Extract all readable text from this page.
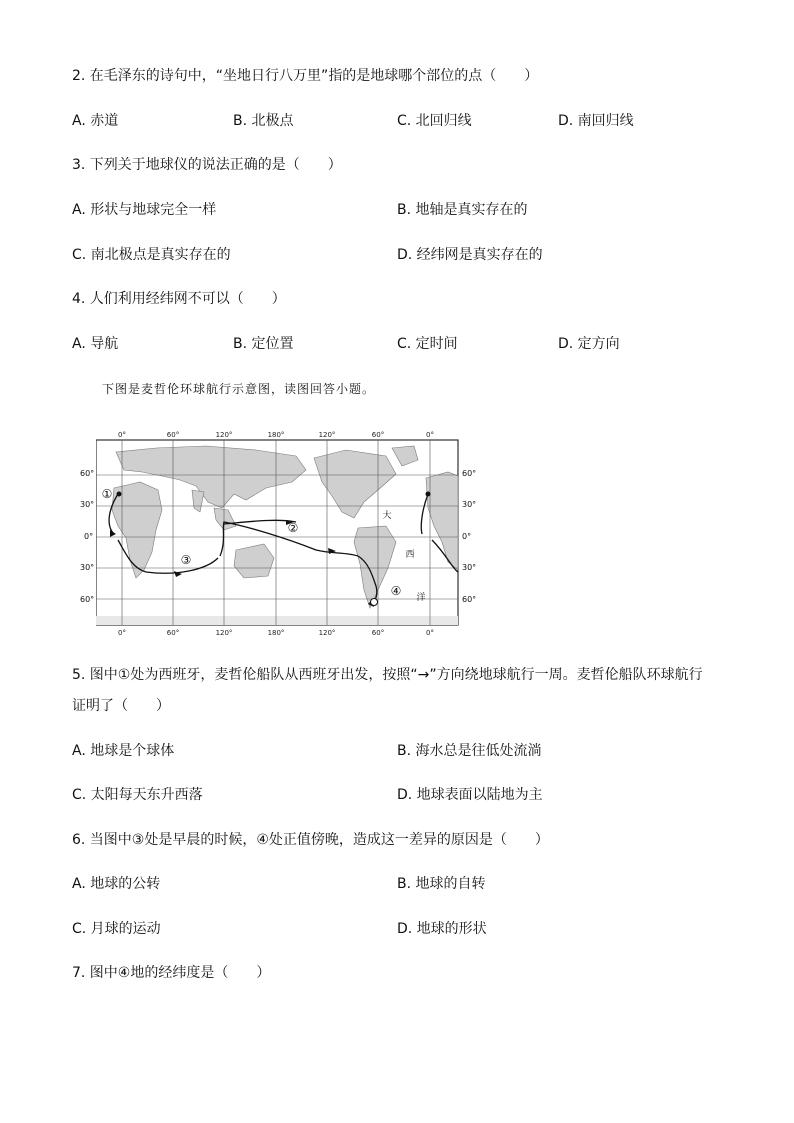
2. 在毛泽东的诗句中，“坐地日行八万里”指的是地球哪个部位的点（　　）
A. 赤道	B. 北极点	C. 北回归线	D. 南回归线
3. 下列关于地球仪的说法正确的是（　　）
A. 形状与地球完全一样	B. 地轴是真实存在的
C. 南北极点是真实存在的	D. 经纬网是真实存在的
4. 人们利用经纬网不可以（　　）
A. 导航	B. 定位置	C. 定时间	D. 定方向
下图是麦哲伦环球航行示意图，读图回答小题。
0°	60°	120°	180°	120°	60°	0°
0°	60°	120°	180°	120°	60°	0°
①
②
③
④
大
西
洋
60°
30°
0°
30°
60°
60°
30°
0°
30°
60°
5. 图中①处为西班牙，麦哲伦船队从西班牙出发，按照“→”方向绕地球航行一周。麦哲伦船队环球航行
证明了（　　）
A. 地球是个球体	B. 海水总是往低处流淌
C. 太阳每天东升西落	D. 地球表面以陆地为主
6. 当图中③处是早晨的时候，④处正值傍晚，造成这一差异的原因是（　　）
A. 地球的公转	B. 地球的自转
C. 月球的运动	D. 地球的形状
7. 图中④地的经纬度是（　　）
